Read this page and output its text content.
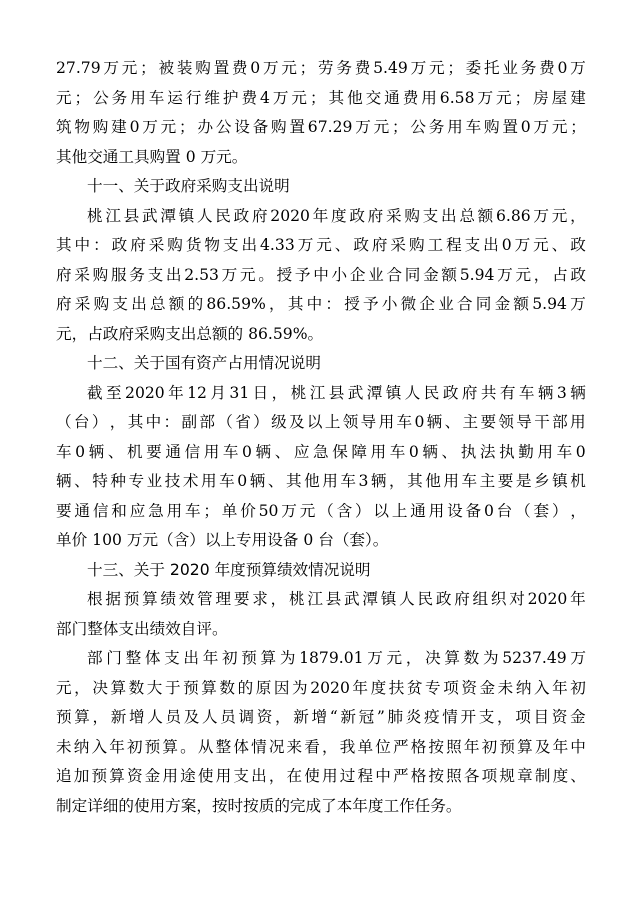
27.79 万 元 ； 被 装 购 置 费 0 万 元 ； 劳 务 费 5.49 万 元 ； 委 托 业 务 费 0 万
元 ； 公 务 用 车 运 行 维 护 费 4 万 元 ； 其 他 交 通 费 用 6.58 万 元 ； 房 屋 建
筑 物 购 建 0 万 元 ； 办 公 设 备 购 置 67.29 万 元 ； 公 务 用 车 购 置 0 万 元 ；
其他交通工具购置 0 万元。
十一、关于政府采购支出说明
桃 江 县 武 潭 镇 人 民 政 府 2020 年 度 政 府 采 购 支 出 总 额 6.86 万 元 ，
其 中 ： 政 府 采 购 货 物 支 出 4.33 万 元 、 政 府 采 购 工 程 支 出 0 万 元 、 政
府 采 购 服 务 支 出 2.53 万 元 。 授 予 中 小 企 业 合 同 金 额 5.94 万 元 ， 占 政
府 采 购 支 出 总 额 的 86.59% ， 其 中 ： 授 予 小 微 企 业 合 同 金 额 5.94 万
元，占政府采购支出总额的 86.59%。
十二、关于国有资产占用情况说明
截 至 2020 年 12 月 31 日 ， 桃 江 县 武 潭 镇 人 民 政 府 共 有 车 辆 3 辆
（ 台 ） ， 其 中 ： 副 部 （ 省 ） 级 及 以 上 领 导 用 车 0 辆 、 主 要 领 导 干 部 用
车 0 辆 、 机 要 通 信 用 车 0 辆 、 应 急 保 障 用 车 0 辆 、 执 法 执 勤 用 车 0
辆 、 特 种 专 业 技 术 用 车 0 辆 、 其 他 用 车 3 辆 ， 其 他 用 车 主 要 是 乡 镇 机
要 通 信 和 应 急 用 车 ； 单 价 50 万 元 （ 含 ） 以 上 通 用 设 备 0 台 （ 套 ） ，
单价 100 万元（含）以上专用设备 0 台（套）。
十三、关于 2020 年度预算绩效情况说明
根 据 预 算 绩 效 管 理 要 求 ， 桃 江 县 武 潭 镇 人 民 政 府 组 织 对 2020 年
部门整体支出绩效自评。
部 门 整 体 支 出 年 初 预 算 为 1879.01 万 元 ， 决 算 数 为 5237.49 万
元 ， 决 算 数 大 于 预 算 数 的 原 因 为 2020 年 度 扶 贫 专 项 资 金 未 纳 入 年 初
预 算 ， 新 增 人 员 及 人 员 调 资 ， 新 增 “ 新 冠 ” 肺 炎 疫 情 开 支 ， 项 目 资 金
未 纳 入 年 初 预 算 。 从 整 体 情 况 来 看 ， 我 单 位 严 格 按 照 年 初 预 算 及 年 中
追 加 预 算 资 金 用 途 使 用 支 出 ， 在 使 用 过 程 中 严 格 按 照 各 项 规 章 制 度 、
制定详细的使用方案，按时按质的完成了本年度工作任务。
